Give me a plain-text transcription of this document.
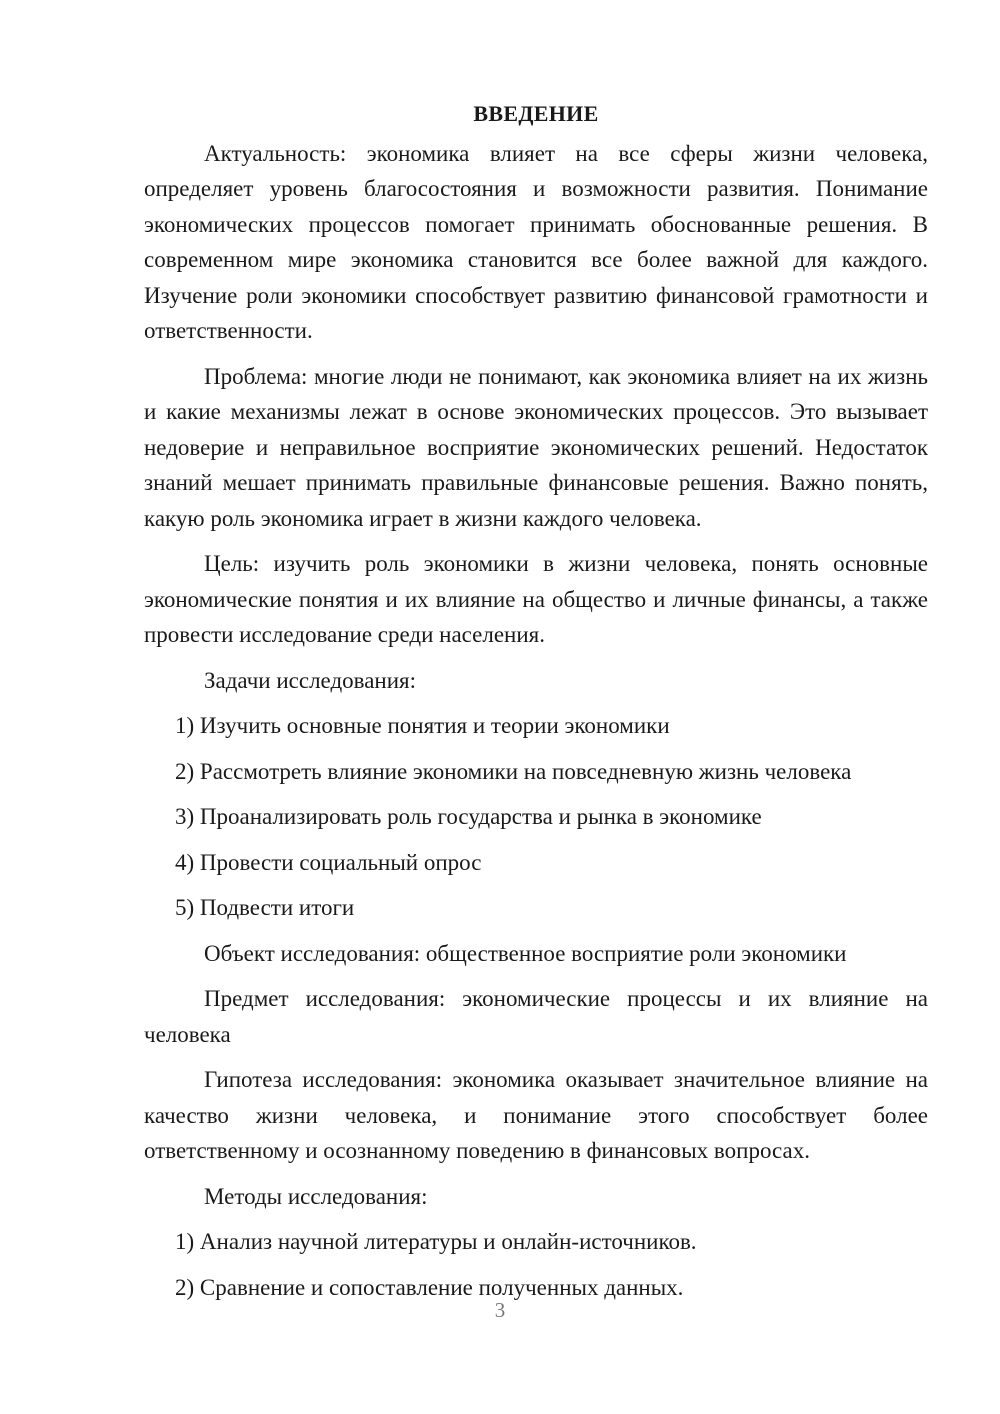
ВВЕДЕНИЕ

Актуальность: экономика влияет на все сферы жизни человека, определяет уровень благосостояния и возможности развития. Понимание экономических процессов помогает принимать обоснованные решения. В современном мире экономика становится все более важной для каждого. Изучение роли экономики способствует развитию финансовой грамотности и ответственности.

Проблема: многие люди не понимают, как экономика влияет на их жизнь и какие механизмы лежат в основе экономических процессов. Это вызывает недоверие и неправильное восприятие экономических решений. Недостаток знаний мешает принимать правильные финансовые решения. Важно понять, какую роль экономика играет в жизни каждого человека.

Цель: изучить роль экономики в жизни человека, понять основные экономические понятия и их влияние на общество и личные финансы, а также провести исследование среди населения.

Задачи исследования:

1) Изучить основные понятия и теории экономики

2) Рассмотреть влияние экономики на повседневную жизнь человека

3) Проанализировать роль государства и рынка в экономике

4) Провести социальный опрос

5) Подвести итоги

Объект исследования: общественное восприятие роли экономики

Предмет исследования: экономические процессы и их влияние на человека

Гипотеза исследования: экономика оказывает значительное влияние на качество жизни человека, и понимание этого способствует более ответственному и осознанному поведению в финансовых вопросах.

Методы исследования:

1) Анализ научной литературы и онлайн-источников.

2) Сравнение и сопоставление полученных данных.

3
